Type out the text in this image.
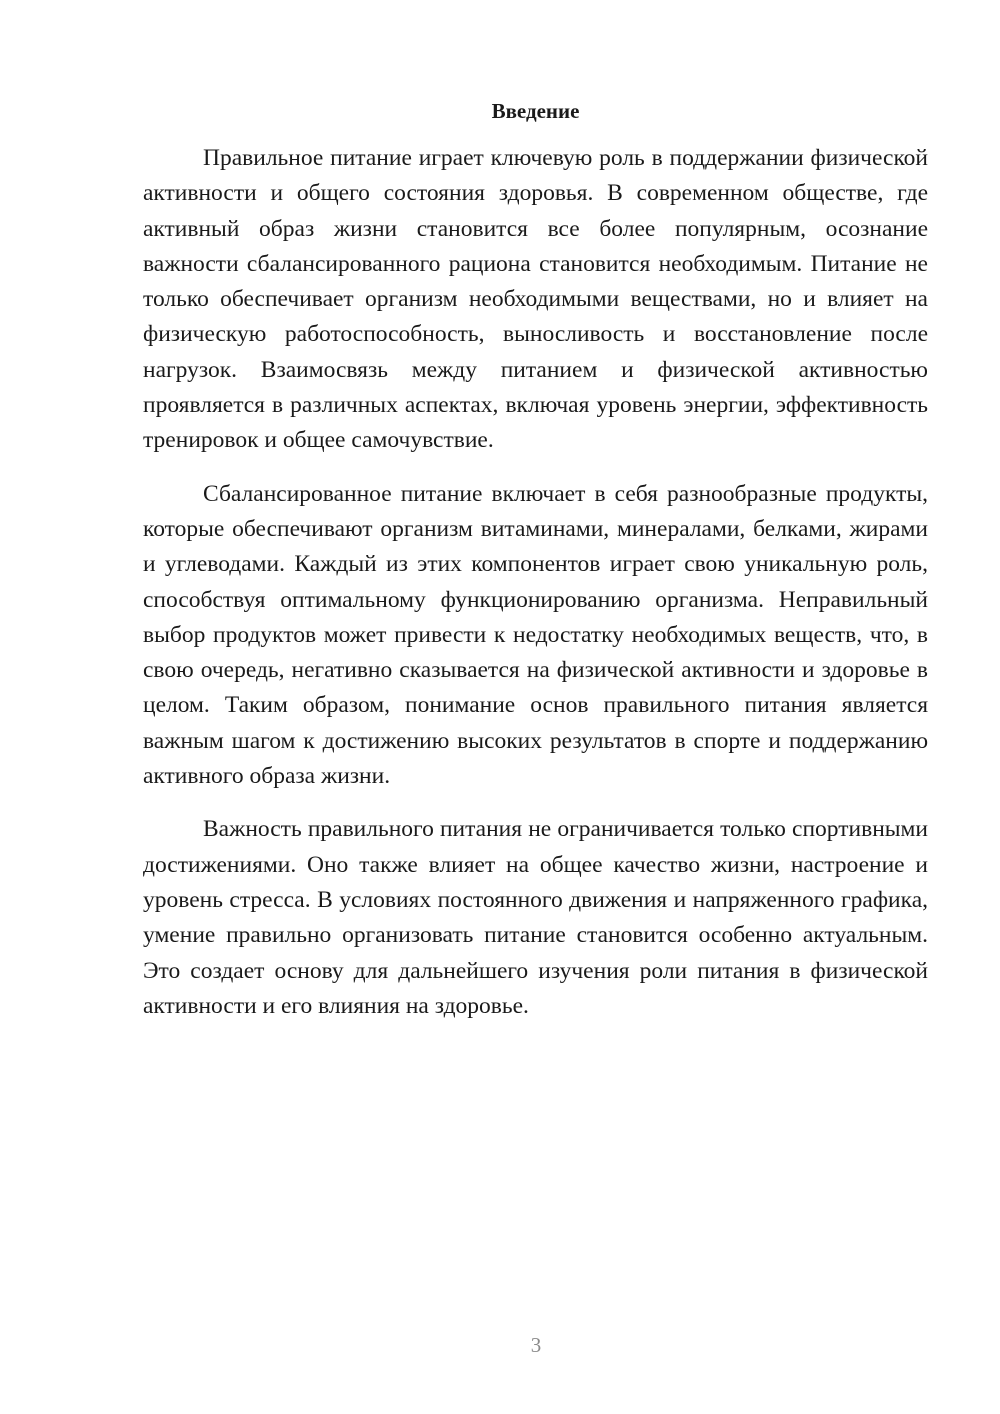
Введение

Правильное питание играет ключевую роль в поддержании физической активности и общего состояния здоровья. В современном обществе, где активный образ жизни становится все более популярным, осознание важности сбалансированного рациона становится необходимым. Питание не только обеспечивает организм необходимыми веществами, но и влияет на физическую работоспособность, выносливость и восстановление после нагрузок. Взаимосвязь между питанием и физической активностью проявляется в различных аспектах, включая уровень энергии, эффективность тренировок и общее самочувствие.

Сбалансированное питание включает в себя разнообразные продукты, которые обеспечивают организм витаминами, минералами, белками, жирами и углеводами. Каждый из этих компонентов играет свою уникальную роль, способствуя оптимальному функционированию организма. Неправильный выбор продуктов может привести к недостатку необходимых веществ, что, в свою очередь, негативно сказывается на физической активности и здоровье в целом. Таким образом, понимание основ правильного питания является важным шагом к достижению высоких результатов в спорте и поддержанию активного образа жизни.

Важность правильного питания не ограничивается только спортивными достижениями. Оно также влияет на общее качество жизни, настроение и уровень стресса. В условиях постоянного движения и напряженного графика, умение правильно организовать питание становится особенно актуальным. Это создает основу для дальнейшего изучения роли питания в физической активности и его влияния на здоровье.

3
